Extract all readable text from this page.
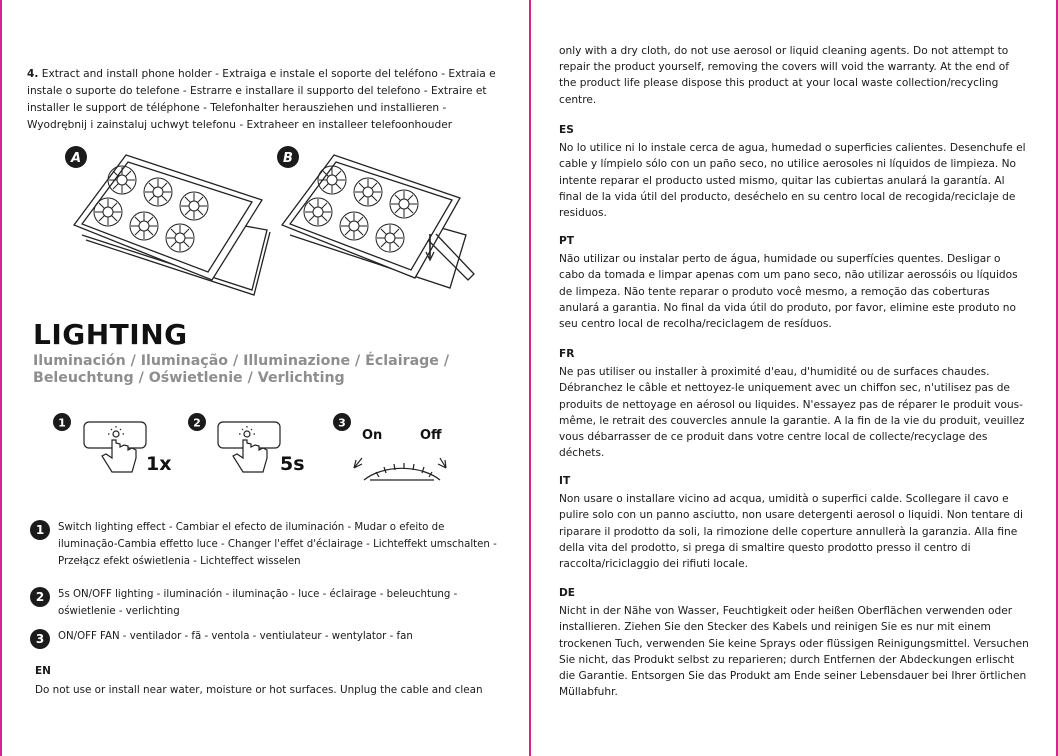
4. Extract and install phone holder - Extraiga e instale el soporte del teléfono - Extraia e instale o suporte do telefone - Estrarre e installare il supporto del telefono - Extraire et installer le support de téléphone - Telefonhalter herausziehen und installieren - Wyodrębnij i zainstaluj uchwyt telefonu - Extraheer en installeer telefoonhouder

A	B
LIGHTING

Iluminación / Iluminação / Illuminazione / Éclairage / Beleuchtung / Oświetlenie / Verlichting

1
1x
2
5s
3
On	Off
1	Switch lighting effect - Cambiar el efecto de iluminación - Mudar o efeito de iluminação-Cambia effetto luce - Changer l'effet d'éclairage - Lichteffekt umschalten - Przełącz efekt oświetlenia - Lichteffect wisselen
2	5s ON/OFF lighting - iluminación - iluminação - luce - éclairage - beleuchtung - oświetlenie - verlichting
3	ON/OFF FAN - ventilador - fã - ventola - ventiulateur - wentylator - fan
EN
Do not use or install near water, moisture or hot surfaces. Unplug the cable and clean

only with a dry cloth, do not use aerosol or liquid cleaning agents. Do not attempt to repair the product yourself, removing the covers will void the warranty. At the end of the product life please dispose this product at your local waste collection/recycling centre.

ES

No lo utilice ni lo instale cerca de agua, humedad o superficies calientes. Desenchufe el cable y límpielo sólo con un paño seco, no utilice aerosoles ni líquidos de limpieza. No intente reparar el producto usted mismo, quitar las cubiertas anulará la garantía. Al final de la vida útil del producto, deséchelo en su centro local de recogida/reciclaje de residuos.

PT

Não utilizar ou instalar perto de água, humidade ou superfícies quentes. Desligar o cabo da tomada e limpar apenas com um pano seco, não utilizar aerossóis ou líquidos de limpeza. Não tente reparar o produto você mesmo, a remoção das coberturas anulará a garantia. No final da vida útil do produto, por favor, elimine este produto no seu centro local de recolha/reciclagem de resíduos.

FR

Ne pas utiliser ou installer à proximité d'eau, d'humidité ou de surfaces chaudes. Débranchez le câble et nettoyez-le uniquement avec un chiffon sec, n'utilisez pas de produits de nettoyage en aérosol ou liquides. N'essayez pas de réparer le produit vous-même, le retrait des couvercles annule la garantie. A la fin de la vie du produit, veuillez vous débarrasser de ce produit dans votre centre local de collecte/recyclage des déchets.

IT

Non usare o installare vicino ad acqua, umidità o superfici calde. Scollegare il cavo e pulire solo con un panno asciutto, non usare detergenti aerosol o liquidi. Non tentare di riparare il prodotto da soli, la rimozione delle coperture annullerà la garanzia. Alla fine della vita del prodotto, si prega di smaltire questo prodotto presso il centro di raccolta/riciclaggio dei rifiuti locale.

DE

Nicht in der Nähe von Wasser, Feuchtigkeit oder heißen Oberflächen verwenden oder installieren. Ziehen Sie den Stecker des Kabels und reinigen Sie es nur mit einem trockenen Tuch, verwenden Sie keine Sprays oder flüssigen Reinigungsmittel. Versuchen Sie nicht, das Produkt selbst zu reparieren; durch Entfernen der Abdeckungen erlischt die Garantie. Entsorgen Sie das Produkt am Ende seiner Lebensdauer bei Ihrer örtlichen Müllabfuhr.
